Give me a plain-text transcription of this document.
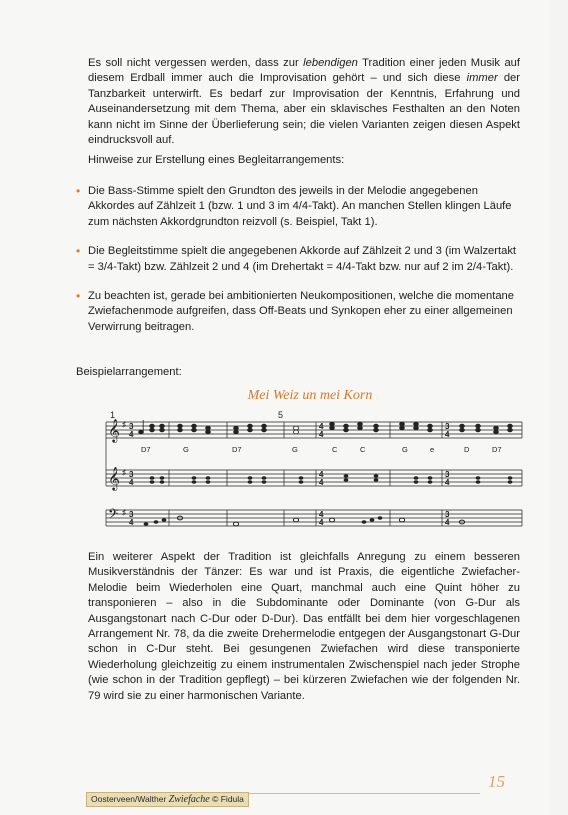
Es soll nicht vergessen werden, dass zur lebendigen Tradition einer jeden Musik auf diesem Erdball immer auch die Improvisation gehört – und sich diese immer der Tanzbarkeit unterwirft. Es bedarf zur Improvisation der Kenntnis, Erfahrung und Auseinandersetzung mit dem Thema, aber ein sklavisches Festhalten an den Noten kann nicht im Sinne der Überlieferung sein; die vielen Varianten zeigen diesen Aspekt eindrucksvoll auf.
Hinweise zur Erstellung eines Begleitarrangements:
• Die Bass-Stimme spielt den Grundton des jeweils in der Melodie angegebenen Akkordes auf Zählzeit 1 (bzw. 1 und 3 im 4/4-Takt). An manchen Stellen klingen Läufe zum nächsten Akkordgrundton reizvoll (s. Beispiel, Takt 1).
• Die Begleitstimme spielt die angegebenen Akkorde auf Zählzeit 2 und 3 (im Walzertakt = 3/4-Takt) bzw. Zählzeit 2 und 4 (im Drehertakt = 4/4-Takt bzw. nur auf 2 im 2/4-Takt).
• Zu beachten ist, gerade bei ambitionierten Neukompositionen, welche die momentane Zwiefachenmode aufgreifen, dass Off-Beats und Synkopen eher zu einer allgemeinen Verwirrung beitragen.
Beispielarrangement:
Mei Weiz un mei Korn
𝄞
𝄞
𝄢
♯
♯
♯
3
4
3
4
3
4
4
4
4
4
4
4
3
4
3
4
3
4
1	5
D7	G	D7	G	C	C	G	e	D	D7
Ein weiterer Aspekt der Tradition ist gleichfalls Anregung zu einem besseren Musikverständnis der Tänzer: Es war und ist Praxis, die eigentliche Zwiefacher-Melodie beim Wiederholen eine Quart, manchmal auch eine Quint höher zu transponieren – also in die Subdominante oder Dominante (von G-Dur als Ausgangstonart nach C-Dur oder D-Dur). Das entfällt bei dem hier vorgeschlagenen Arrangement Nr. 78, da die zweite Drehermelodie entgegen der Ausgangstonart G-Dur schon in C-Dur steht. Bei gesungenen Zwiefachen wird diese transponierte Wiederholung gleichzeitig zu einem instrumentalen Zwischenspiel nach jeder Strophe (wie schon in der Tradition gepflegt) – bei kürzeren Zwiefachen wie der folgenden Nr. 79 wird sie zu einer harmonischen Variante.
Oosterveen/Walther Zwiefache © Fidula
15
